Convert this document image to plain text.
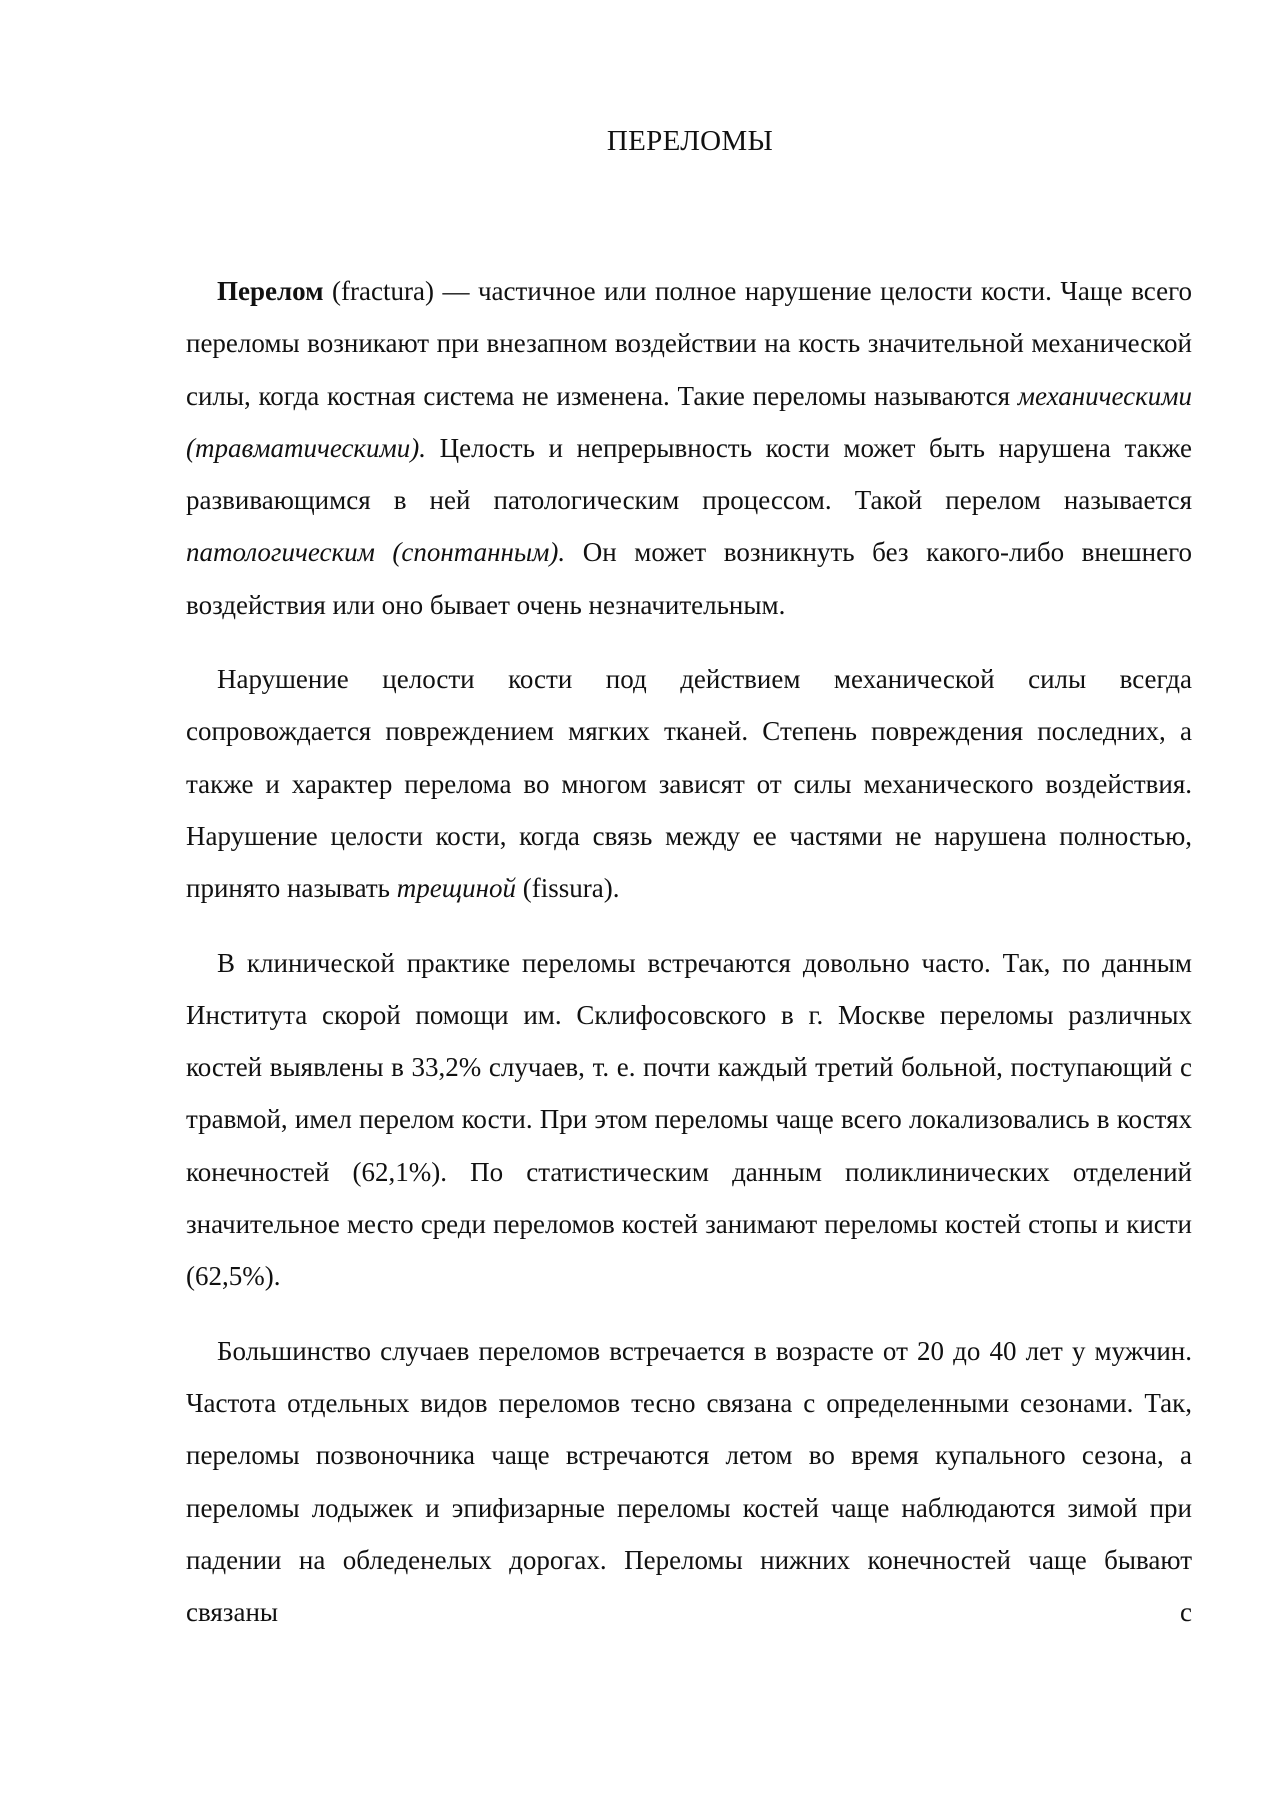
ПЕРЕЛОМЫ

Перелом (fractura) — частичное или полное нарушение целости кости. Чаще всего переломы возникают при внезапном воздействии на кость значительной механической силы, когда костная система не изменена. Такие переломы называются механическими (травматическими). Целость и непрерывность кости может быть нарушена также развивающимся в ней патологическим процессом. Такой перелом называется патологическим (спонтанным). Он может возникнуть без какого-либо внешнего воздействия или оно бывает очень незначительным.

Нарушение целости кости под действием механической силы всегда сопровождается повреждением мягких тканей. Степень повреждения последних, а также и характер перелома во многом зависят от силы механического воздействия. Нарушение целости кости, когда связь между ее частями не нарушена полностью, принято называть трещиной (fissura).

В клинической практике переломы встречаются довольно часто. Так, по данным Института скорой помощи им. Склифосовского в г. Москве переломы различных костей выявлены в 33,2% случаев, т. е. почти каждый третий больной, поступающий с травмой, имел перелом кости. При этом переломы чаще всего локализовались в костях конечностей (62,1%). По статистическим данным поликлинических отделений значительное место среди переломов костей занимают переломы костей стопы и кисти (62,5%).

Большинство случаев переломов встречается в возрасте от 20 до 40 лет у мужчин. Частота отдельных видов переломов тесно связана с определенными сезонами. Так, переломы позвоночника чаще встречаются летом во время купального сезона, а переломы лодыжек и эпифизарные переломы костей чаще наблюдаются зимой при падении на обледенелых дорогах. Переломы нижних конечностей чаще бывают связаны с
